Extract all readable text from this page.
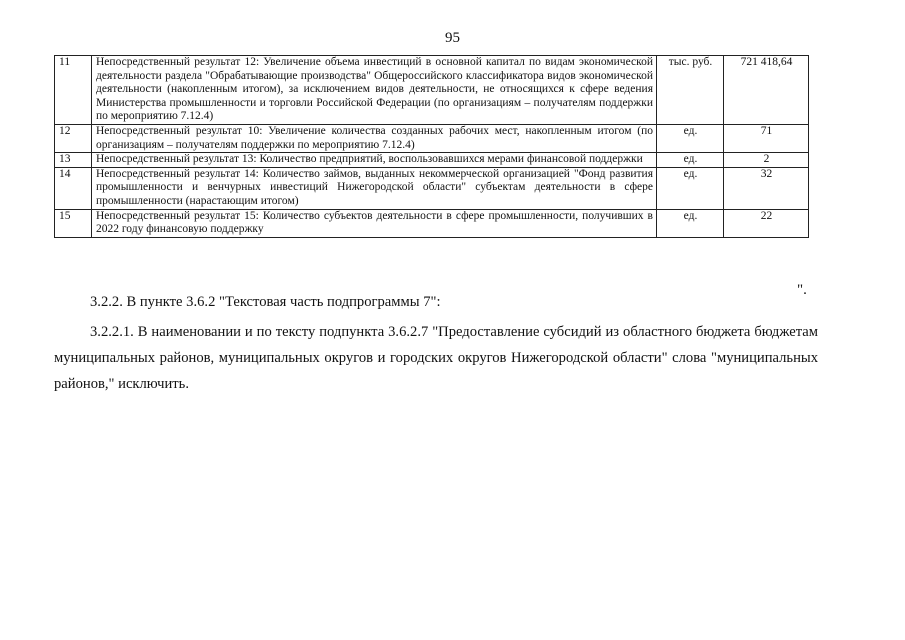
95
11	Непосредственный результат 12: Увеличение объема инвестиций в основной капитал по видам экономической деятельности раздела "Обрабатывающие производства" Общероссийского классификатора видов экономической деятельности (накопленным итогом), за исключением видов деятельности, не относящихся к сфере ведения Министерства промышленности и торговли Российской Федерации (по организациям – получателям поддержки по мероприятию 7.12.4)	тыс. руб.	721 418,64
12	Непосредственный результат 10: Увеличение количества созданных рабочих мест, накопленным итогом (по организациям – получателям поддержки по мероприятию 7.12.4)	ед.	71
13	Непосредственный результат 13: Количество предприятий, воспользовавшихся мерами финансовой поддержки	ед.	2
14	Непосредственный результат 14: Количество займов, выданных некоммерческой организацией "Фонд развития промышленности и венчурных инвестиций Нижегородской области" субъектам деятельности в сфере промышленности (нарастающим итогом)	ед.	32
15	Непосредственный результат 15: Количество субъектов деятельности в сфере промышленности, получивших в 2022 году финансовую поддержку	ед.	22
".

3.2.2. В пункте 3.6.2 "Текстовая часть подпрограммы 7":

3.2.2.1. В наименовании и по тексту подпункта 3.6.2.7 "Предоставление субсидий из областного бюджета бюджетам муниципальных районов, муниципальных округов и городских округов Нижегородской области" слова "муниципальных районов," исключить.
